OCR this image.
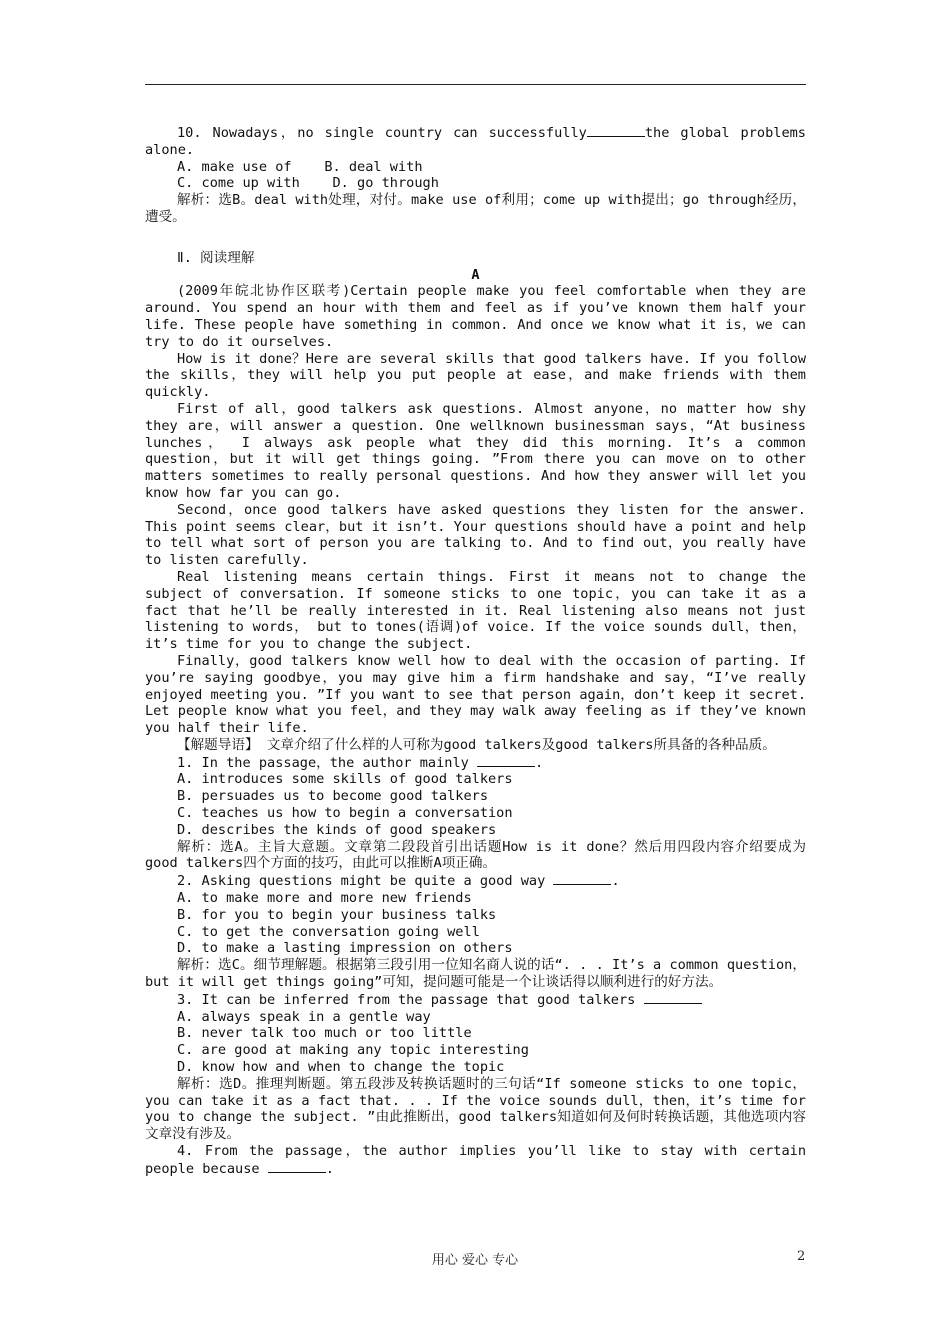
10. Nowadays，no single country can successfully	the global problems alone.

A. make use of    B. deal with

C. come up with    D. go through

解析：选B。deal with处理，对付。make use of利用；come up with提出；go through经历，遭受。

Ⅱ. 阅读理解

A

(2009年皖北协作区联考)Certain people make you feel comfortable when they are around. You spend an hour with them and feel as if you’ve known them half your life. These people have something in common. And once we know what it is，we can try to do it ourselves.

How is it done？Here are several skills that good talkers have. If you follow the skills，they will help you put people at ease，and make friends with them quickly.

First of all，good talkers ask questions. Almost anyone，no matter how shy they are，will answer a question. One wellknown businessman says，“At business lunches， I always ask people what they did this morning. It’s a common question，but it will get things going. ”From there you can move on to other matters sometimes to really personal questions. And how they answer will let you know how far you can go.

Second，once good talkers have asked questions they listen for the answer. This point seems clear，but it isn’t. Your questions should have a point and help to tell what sort of person you are talking to. And to find out，you really have to listen carefully.

Real listening means certain things. First it means not to change the subject of conversation. If someone sticks to one topic，you can take it as a fact that he’ll be really interested in it. Real listening also means not just listening to words， but to tones(语调)of voice. If the voice sounds dull，then，it’s time for you to change the subject.

Finally，good talkers know well how to deal with the occasion of parting. If you’re saying goodbye，you may give him a firm handshake and say，“I’ve really enjoyed meeting you. ”If you want to see that person again，don’t keep it secret. Let people know what you feel，and they may walk away feeling as if they’ve known you half their life.

【解题导语】 文章介绍了什么样的人可称为good talkers及good talkers所具备的各种品质。

1. In the passage，the author mainly	.

A. introduces some skills of good talkers

B. persuades us to become good talkers

C. teaches us how to begin a conversation

D. describes the kinds of good speakers

解析：选A。主旨大意题。文章第二段段首引出话题How is it done？然后用四段内容介绍要成为good talkers四个方面的技巧，由此可以推断A项正确。

2. Asking questions might be quite a good way	.

A. to make more and more new friends

B. for you to begin your business talks

C. to get the conversation going well

D. to make a lasting impression on others

解析：选C。细节理解题。根据第三段引用一位知名商人说的话“. . . It’s a common question，but it will get things going”可知，提问题可能是一个让谈话得以顺利进行的好方法。

3. It can be inferred from the passage that good talkers

A. always speak in a gentle way

B. never talk too much or too little

C. are good at making any topic interesting

D. know how and when to change the topic

解析：选D。推理判断题。第五段涉及转换话题时的三句话“If someone sticks to one topic，you can take it as a fact that. . . If the voice sounds dull，then，it’s time for you to change the subject. ”由此推断出，good talkers知道如何及何时转换话题，其他选项内容文章没有涉及。

4. From the passage，the author implies you’ll like to stay with certain people because	.

用心 爱心 专心	2
